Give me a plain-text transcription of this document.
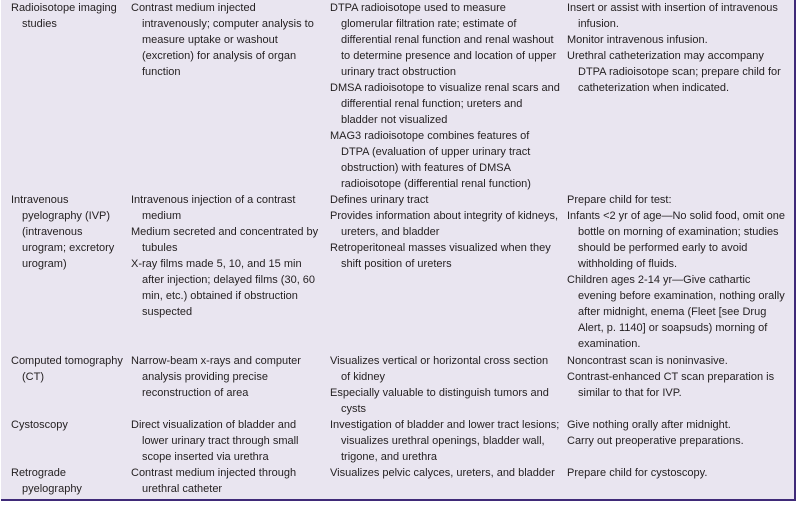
Radioisotope imaging studies

Contrast medium injected intravenously; computer analysis to measure uptake or washout (excretion) for analysis of organ function

DTPA radioisotope used to measure glomerular filtration rate; estimate of differential renal function and renal washout to determine presence and location of upper urinary tract obstruction

DMSA radioisotope to visualize renal scars and differential renal function; ureters and bladder not visualized

MAG3 radioisotope combines features of DTPA (evaluation of upper urinary tract obstruction) with features of DMSA radioisotope (differential renal function)

Insert or assist with insertion of intravenous infusion.

Monitor intravenous infusion.

Urethral catheterization may accompany DTPA radioisotope scan; prepare child for catheterization when indicated.

Intravenous pyelography (IVP) (intravenous urogram; excretory urogram)

Intravenous injection of a contrast medium

Medium secreted and concentrated by tubules

X-ray films made 5, 10, and 15 min after injection; delayed films (30, 60 min, etc.) obtained if obstruction suspected

Defines urinary tract

Provides information about integrity of kidneys, ureters, and bladder

Retroperitoneal masses visualized when they shift position of ureters

Prepare child for test:

Infants <2 yr of age—No solid food, omit one bottle on morning of examination; studies should be performed early to avoid withholding of fluids.

Children ages 2-14 yr—Give cathartic evening before examination, nothing orally after midnight, enema (Fleet [see Drug Alert, p. 1140] or soapsuds) morning of examination.

Computed tomography (CT)

Narrow-beam x-rays and computer analysis providing precise reconstruction of area

Visualizes vertical or horizontal cross section of kidney

Especially valuable to distinguish tumors and cysts

Noncontrast scan is noninvasive.

Contrast-enhanced CT scan preparation is similar to that for IVP.

Cystoscopy	Direct visualization of bladder and lower urinary tract through small scope inserted via urethra

Investigation of bladder and lower tract lesions; visualizes urethral openings, bladder wall, trigone, and urethra

Give nothing orally after midnight.

Carry out preoperative preparations.

Retrograde pyelography

Contrast medium injected through urethral catheter

Visualizes pelvic calyces, ureters, and bladder	Prepare child for cystoscopy.
